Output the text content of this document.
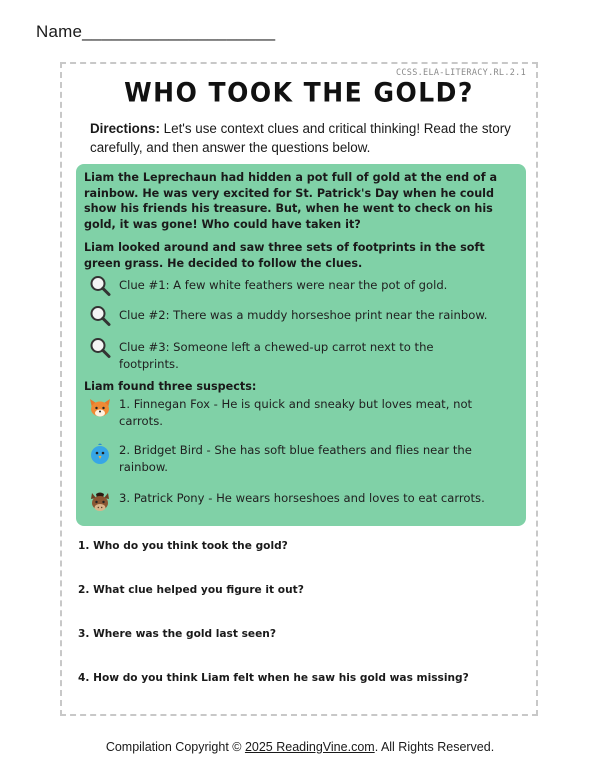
Name____________________
CCSS.ELA-LITERACY.RL.2.1
WHO TOOK THE GOLD?
Directions: Let's use context clues and critical thinking! Read the story carefully, and then answer the questions below.

Liam the Leprechaun had hidden a pot full of gold at the end of a rainbow. He was very excited for St. Patrick's Day when he could show his friends his treasure. But, when he went to check on his gold, it was gone! Who could have taken it?

Liam looked around and saw three sets of footprints in the soft green grass. He decided to follow the clues.

Clue #1: A few white feathers were near the pot of gold.
Clue #2: There was a muddy horseshoe print near the rainbow.
Clue #3: Someone left a chewed-up carrot next to the footprints.
Liam found three suspects:
1. Finnegan Fox - He is quick and sneaky but loves meat, not carrots.
2. Bridget Bird - She has soft blue feathers and flies near the rainbow.
3. Patrick Pony - He wears horseshoes and loves to eat carrots.
1. Who do you think took the gold?
2. What clue helped you figure it out?
3. Where was the gold last seen?
4. How do you think Liam felt when he saw his gold was missing?
Compilation Copyright © 2025 ReadingVine.com. All Rights Reserved.
